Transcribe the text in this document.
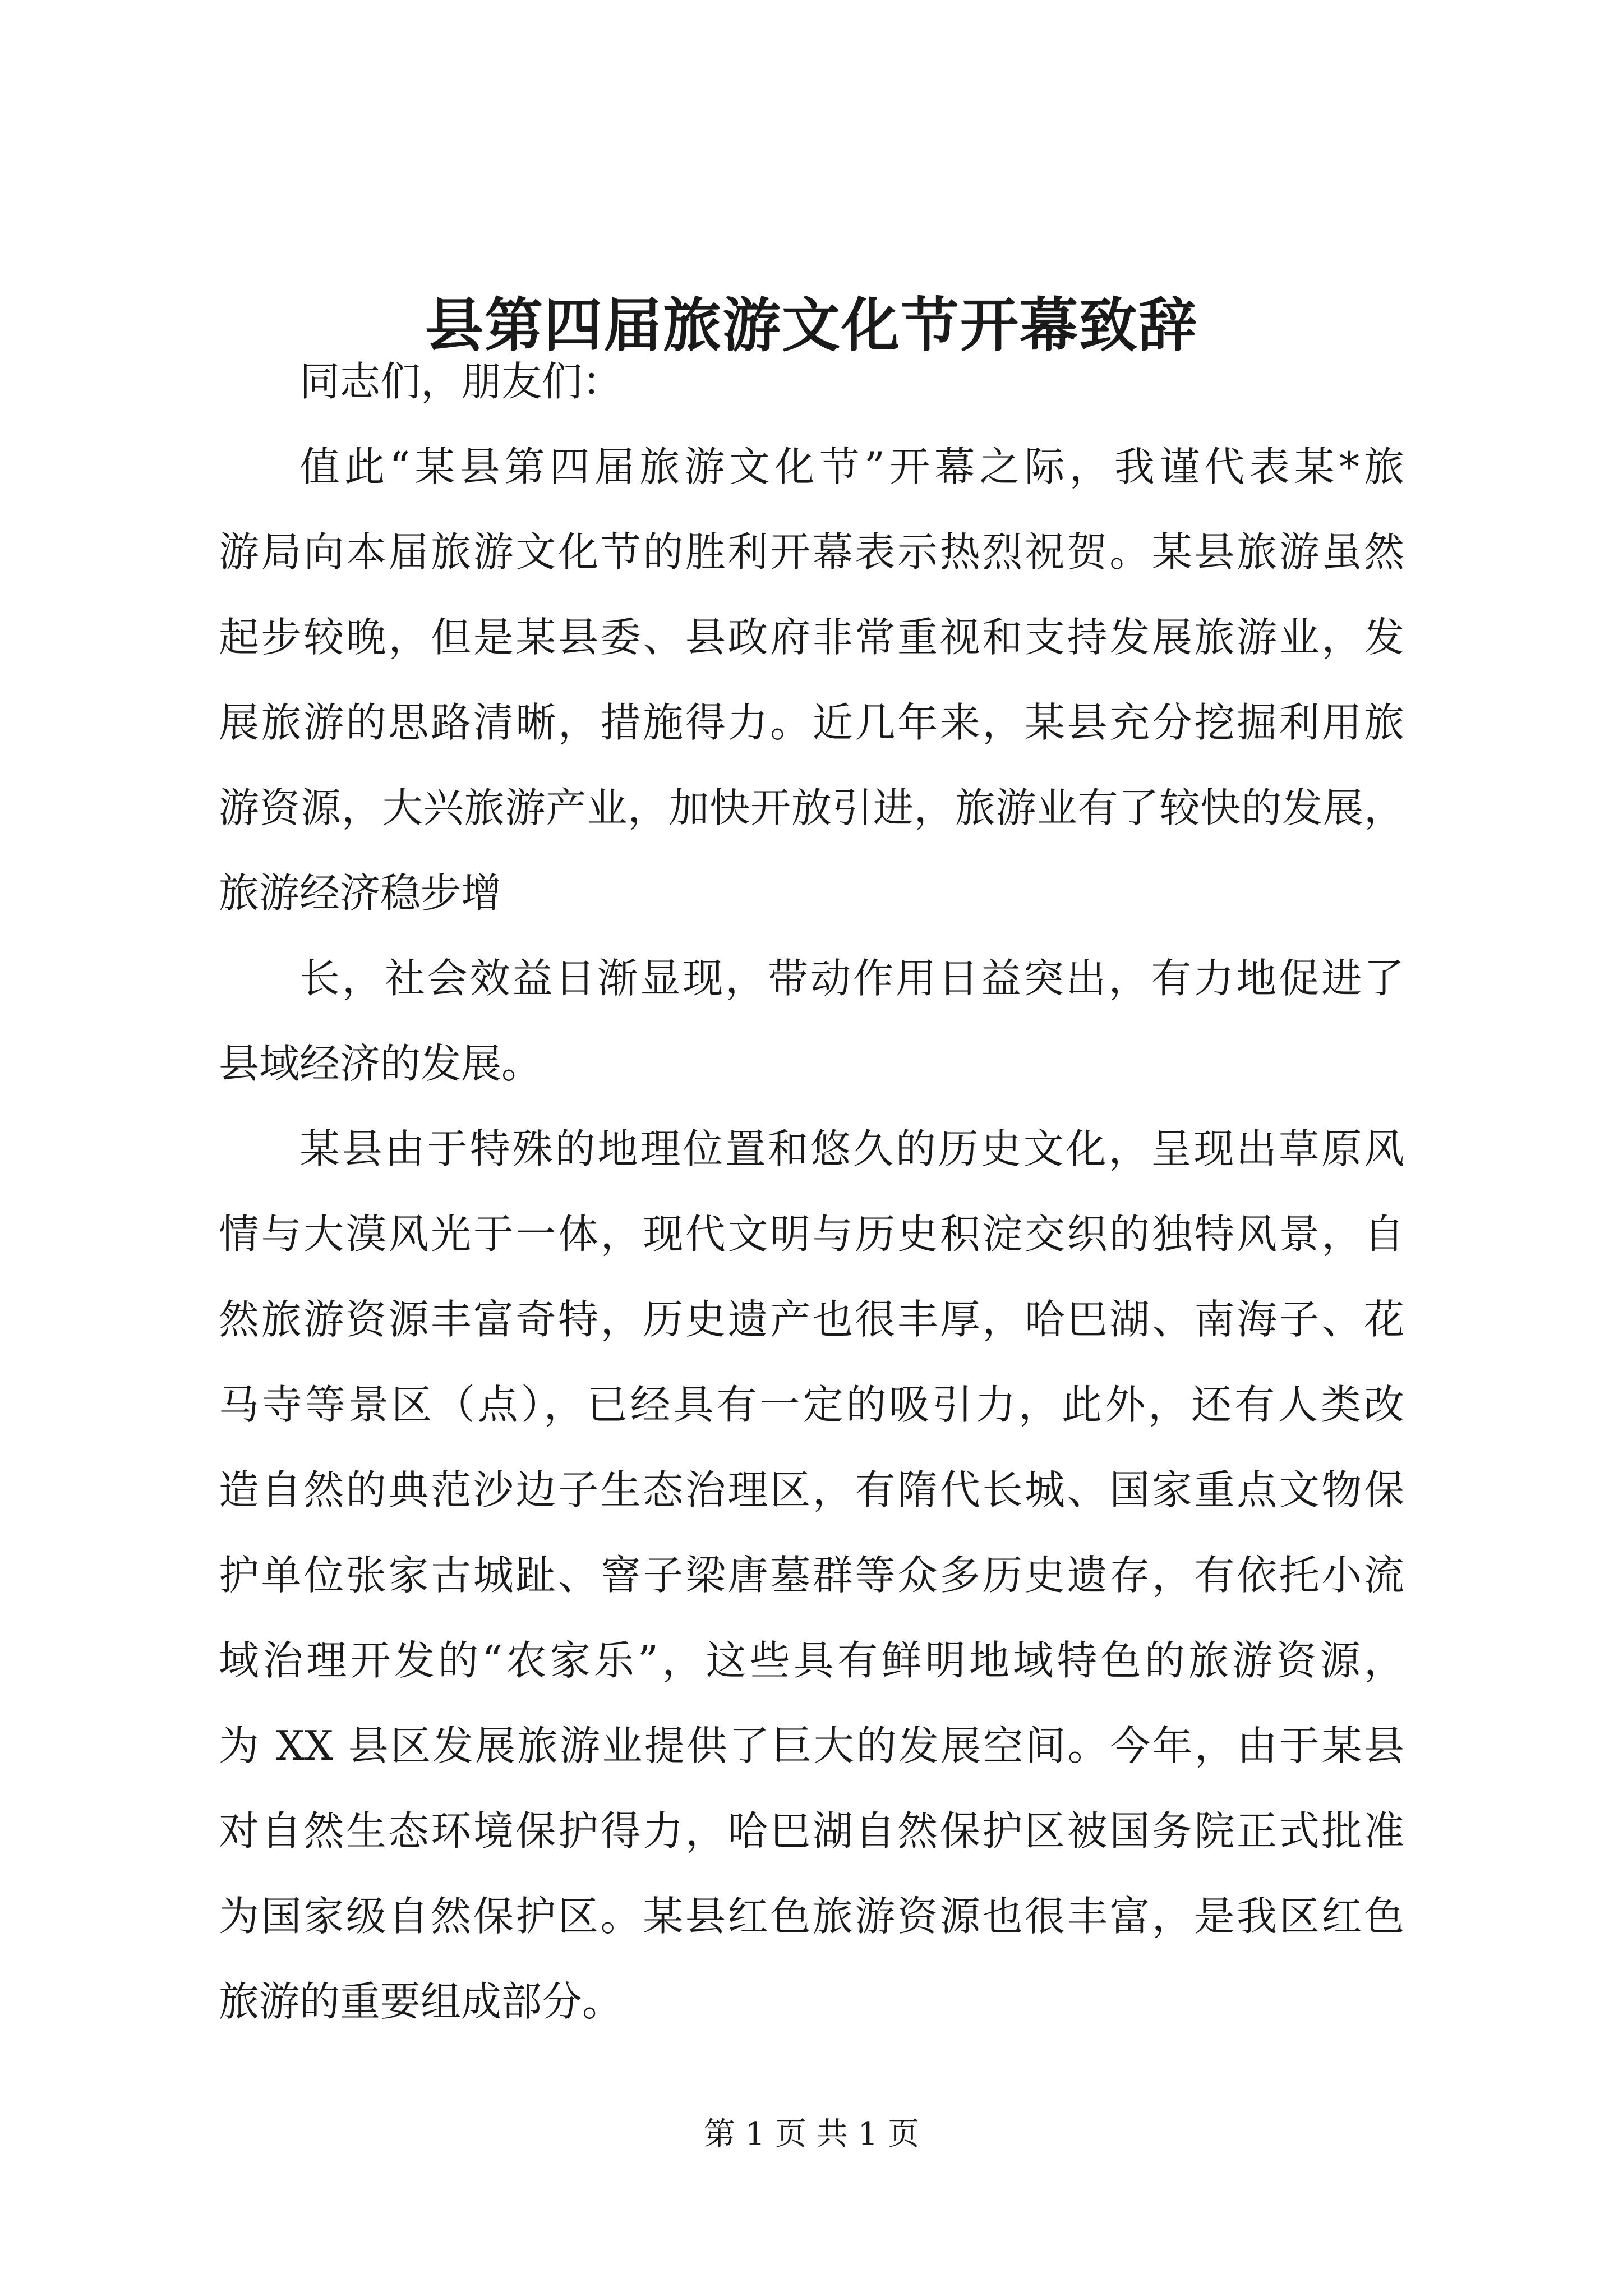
县第四届旅游文化节开幕致辞
同志们，朋友们：
值此“某县第四届旅游文化节”开幕之际，我谨代表某*旅
游局向本届旅游文化节的胜利开幕表示热烈祝贺。某县旅游虽然
起步较晚，但是某县委、县政府非常重视和支持发展旅游业，发
展旅游的思路清晰，措施得力。近几年来，某县充分挖掘利用旅
游资源，大兴旅游产业，加快开放引进，旅游业有了较快的发展，
旅游经济稳步增
长，社会效益日渐显现，带动作用日益突出，有力地促进了
县域经济的发展。
某县由于特殊的地理位置和悠久的历史文化，呈现出草原风
情与大漠风光于一体，现代文明与历史积淀交织的独特风景，自
然旅游资源丰富奇特，历史遗产也很丰厚，哈巴湖、南海子、花
马寺等景区（点），已经具有一定的吸引力，此外，还有人类改
造自然的典范沙边子生态治理区，有隋代长城、国家重点文物保
护单位张家古城趾、窨子梁唐墓群等众多历史遗存，有依托小流
域治理开发的“农家乐”，这些具有鲜明地域特色的旅游资源，
为 XX 县区发展旅游业提供了巨大的发展空间。今年，由于某县
对自然生态环境保护得力，哈巴湖自然保护区被国务院正式批准
为国家级自然保护区。某县红色旅游资源也很丰富，是我区红色
旅游的重要组成部分。
第 1 页 共 1 页
